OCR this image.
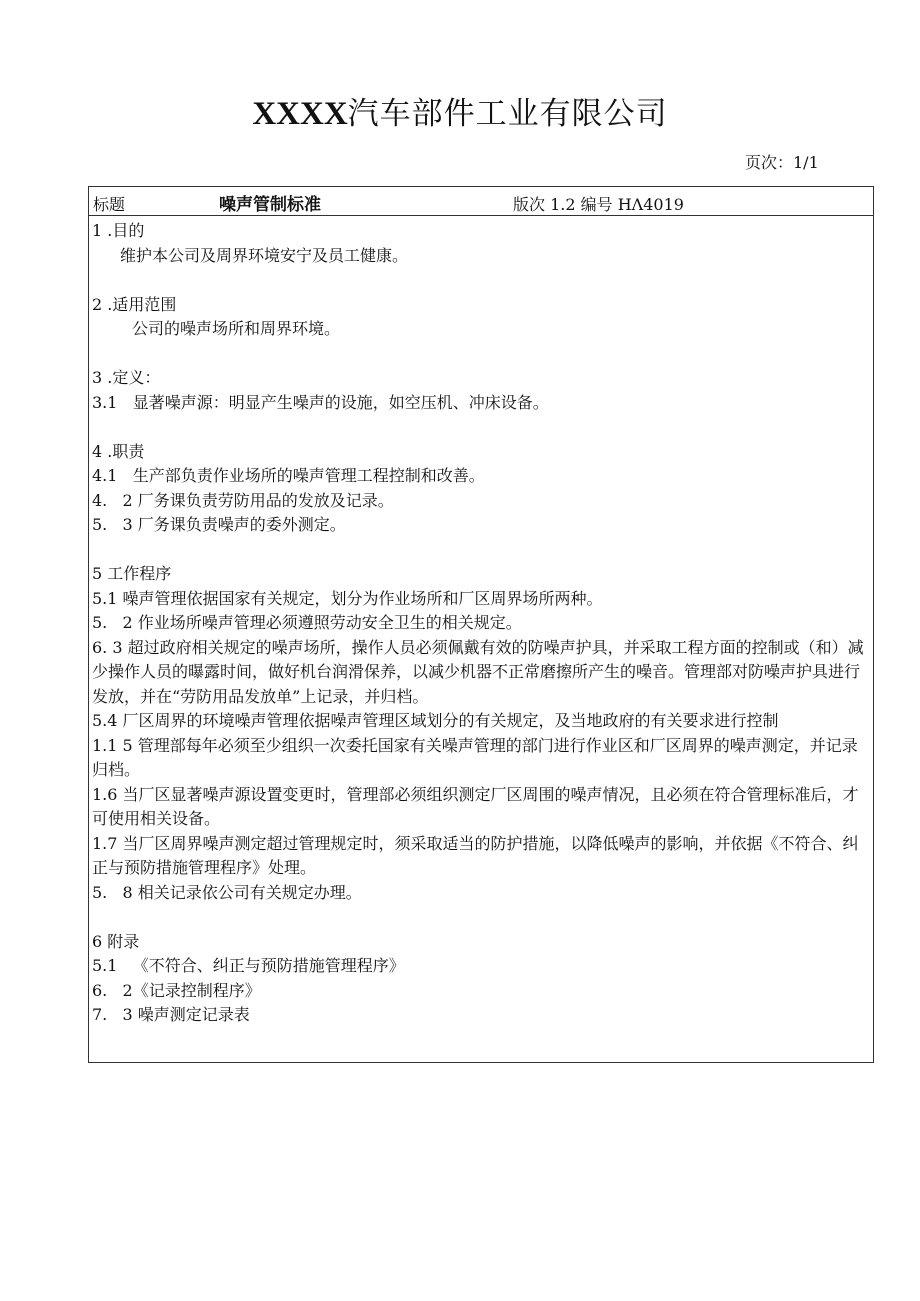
XXXX汽车部件工业有限公司
页次：1/1
标题	噪声管制标准	版次 1.2 编号 HΛ4019
1 .目的
维护本公司及周界环境安宁及员工健康。
2 .适用范围
公司的噪声场所和周界环境。
3 .定义：
3.1   显著噪声源：明显产生噪声的设施，如空压机、冲床设备。
4 .职责
4.1   生产部负责作业场所的噪声管理工程控制和改善。
4.   2 厂务课负责劳防用品的发放及记录。
5.   3 厂务课负责噪声的委外测定。
5 工作程序
5.1 噪声管理依据国家有关规定，划分为作业场所和厂区周界场所两种。
5.   2 作业场所噪声管理必须遵照劳动安全卫生的相关规定。
6. 3 超过政府相关规定的噪声场所，操作人员必须佩戴有效的防噪声护具，并采取工程方面的控制或（和）减少操作人员的曝露时间，做好机台润滑保养，以减少机器不正常磨擦所产生的噪音。管理部对防噪声护具进行发放，并在“劳防用品发放单”上记录，并归档。
5.4 厂区周界的环境噪声管理依据噪声管理区域划分的有关规定，及当地政府的有关要求进行控制
1.1 5 管理部每年必须至少组织一次委托国家有关噪声管理的部门进行作业区和厂区周界的噪声测定，并记录归档。
1.6 当厂区显著噪声源设置变更时，管理部必须组织测定厂区周围的噪声情况，且必须在符合管理标准后，才可使用相关设备。
1.7 当厂区周界噪声测定超过管理规定时，须采取适当的防护措施，以降低噪声的影响，并依据《不符合、纠正与预防措施管理程序》处理。
5.   8 相关记录依公司有关规定办理。
6 附录
5.1   《不符合、纠正与预防措施管理程序》
6.   2《记录控制程序》
7.   3 噪声测定记录表
